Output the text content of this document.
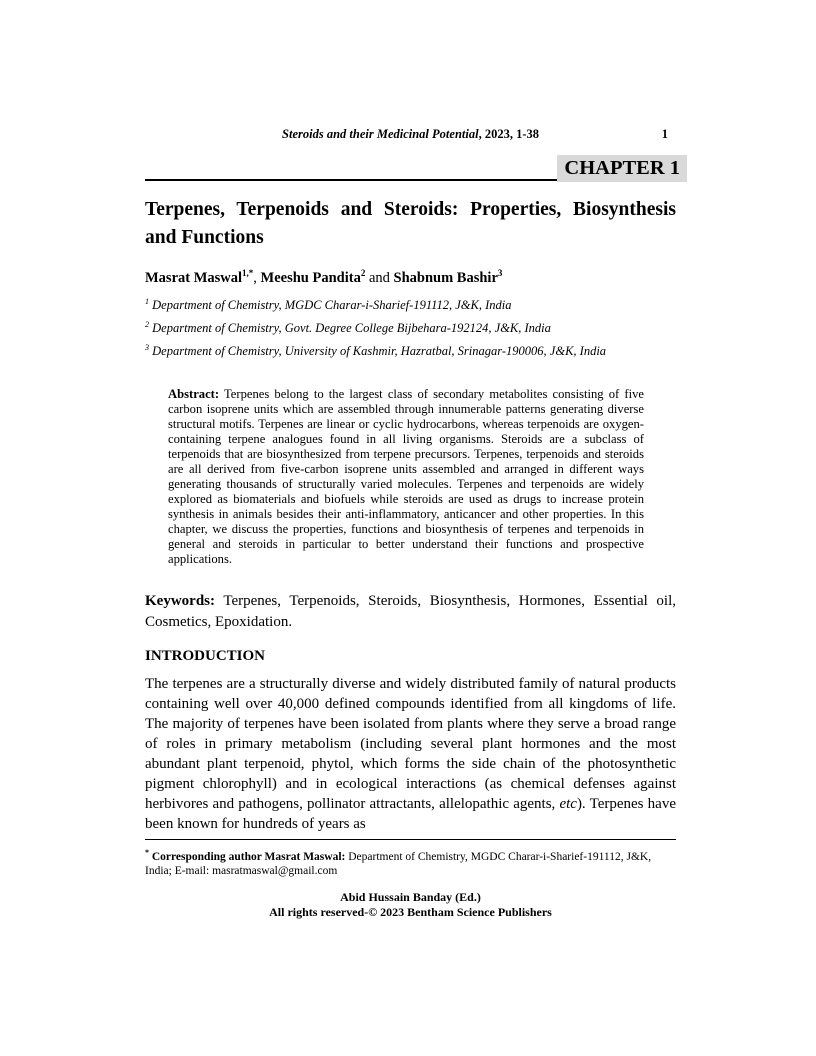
Steroids and their Medicinal Potential, 2023, 1-38	1
CHAPTER 1
Terpenes, Terpenoids and Steroids: Properties, Biosynthesis and Functions
Masrat Maswal$^{1,*}$, Meeshu Pandita$^2$ and Shabnum Bashir$^3$
$^1$ Department of Chemistry, MGDC Charar-i-Sharief-191112, J&K, India
$^2$ Department of Chemistry, Govt. Degree College Bijbehara-192124, J&K, India
$^3$ Department of Chemistry, University of Kashmir, Hazratbal, Srinagar-190006, J&K, India
Abstract: Terpenes belong to the largest class of secondary metabolites consisting of five carbon isoprene units which are assembled through innumerable patterns generating diverse structural motifs. Terpenes are linear or cyclic hydrocarbons, whereas terpenoids are oxygen-containing terpene analogues found in all living organisms. Steroids are a subclass of terpenoids that are biosynthesized from terpene precursors. Terpenes, terpenoids and steroids are all derived from five-carbon isoprene units assembled and arranged in different ways generating thousands of structurally varied molecules. Terpenes and terpenoids are widely explored as biomaterials and biofuels while steroids are used as drugs to increase protein synthesis in animals besides their anti-inflammatory, anticancer and other properties. In this chapter, we discuss the properties, functions and biosynthesis of terpenes and terpenoids in general and steroids in particular to better understand their functions and prospective applications.
Keywords: Terpenes, Terpenoids, Steroids, Biosynthesis, Hormones, Essential oil, Cosmetics, Epoxidation.
INTRODUCTION
The terpenes are a structurally diverse and widely distributed family of natural products containing well over 40,000 defined compounds identified from all kingdoms of life. The majority of terpenes have been isolated from plants where they serve a broad range of roles in primary metabolism (including several plant hormones and the most abundant plant terpenoid, phytol, which forms the side chain of the photosynthetic pigment chlorophyll) and in ecological interactions (as chemical defenses against herbivores and pathogens, pollinator attractants, allelopathic agents, etc). Terpenes have been known for hundreds of years as
* Corresponding author Masrat Maswal: Department of Chemistry, MGDC Charar-i-Sharief-191112, J&K, India; E-mail: masratmaswal@gmail.com
Abid Hussain Banday (Ed.)
All rights reserved-© 2023 Bentham Science Publishers
